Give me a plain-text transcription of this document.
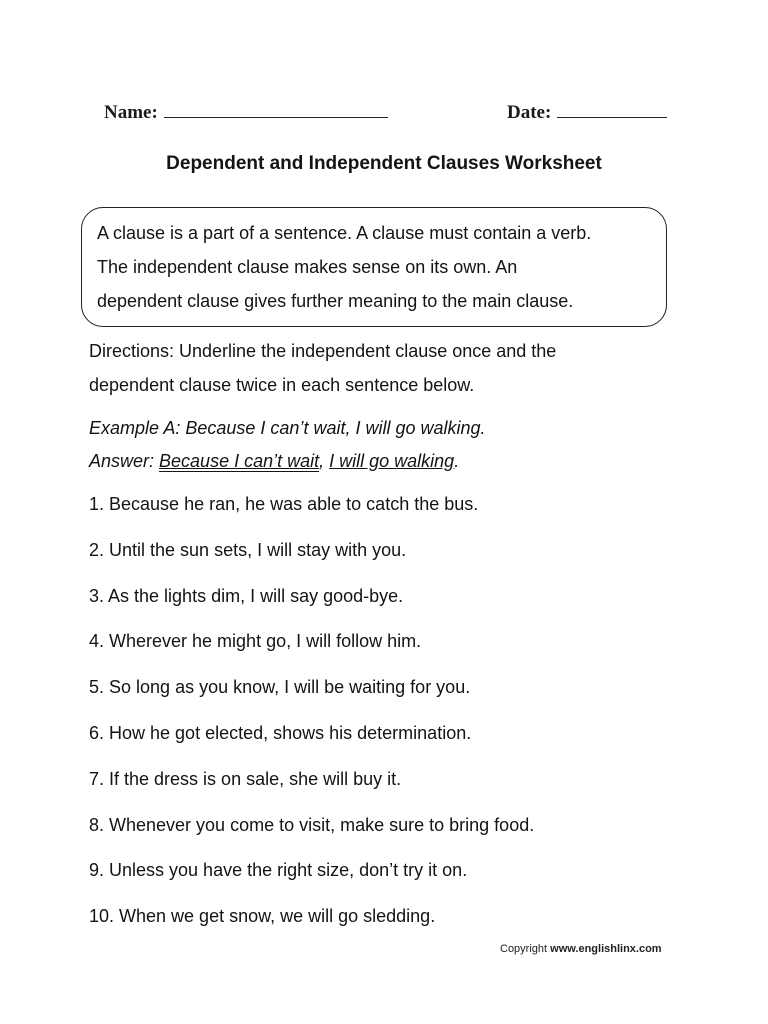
Name:	Date:
Dependent and Independent Clauses Worksheet
A clause is a part of a sentence. A clause must contain a verb.
The independent clause makes sense on its own. An
dependent clause gives further meaning to the main clause.
Directions: Underline the independent clause once and the
dependent clause twice in each sentence below.
Example A: Because I can’t wait, I will go walking.
Answer: Because I can’t wait, I will go walking.
1. Because he ran, he was able to catch the bus.
2. Until the sun sets, I will stay with you.
3. As the lights dim, I will say good-bye.
4. Wherever he might go, I will follow him.
5. So long as you know, I will be waiting for you.
6. How he got elected, shows his determination.
7. If the dress is on sale, she will buy it.
8. Whenever you come to visit, make sure to bring food.
9. Unless you have the right size, don’t try it on.
10. When we get snow, we will go sledding.
Copyright www.englishlinx.com
